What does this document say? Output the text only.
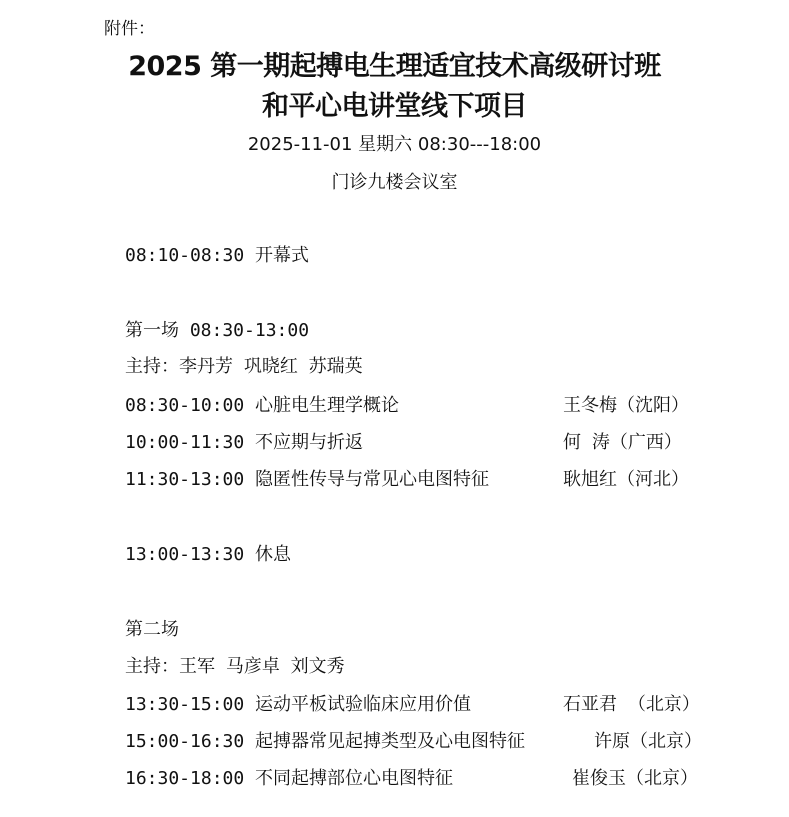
附件：
2025 第一期起搏电生理适宜技术高级研讨班
和平心电讲堂线下项目
2025-11-01 星期六 08:30---18:00
门诊九楼会议室
08:10-08:30 开幕式
第一场 08:30-13:00
主持：李丹芳 巩晓红 苏瑞英
08:30-10:00 心脏电生理学概论	王冬梅（沈阳）
10:00-11:30 不应期与折返	何 涛（广西）
11:30-13:00 隐匿性传导与常见心电图特征	耿旭红（河北）
13:00-13:30 休息
第二场
主持：王军 马彦卓 刘文秀
13:30-15:00 运动平板试验临床应用价值	石亚君 （北京）
15:00-16:30 起搏器常见起搏类型及心电图特征	许原（北京）
16:30-18:00 不同起搏部位心电图特征	崔俊玉（北京）
